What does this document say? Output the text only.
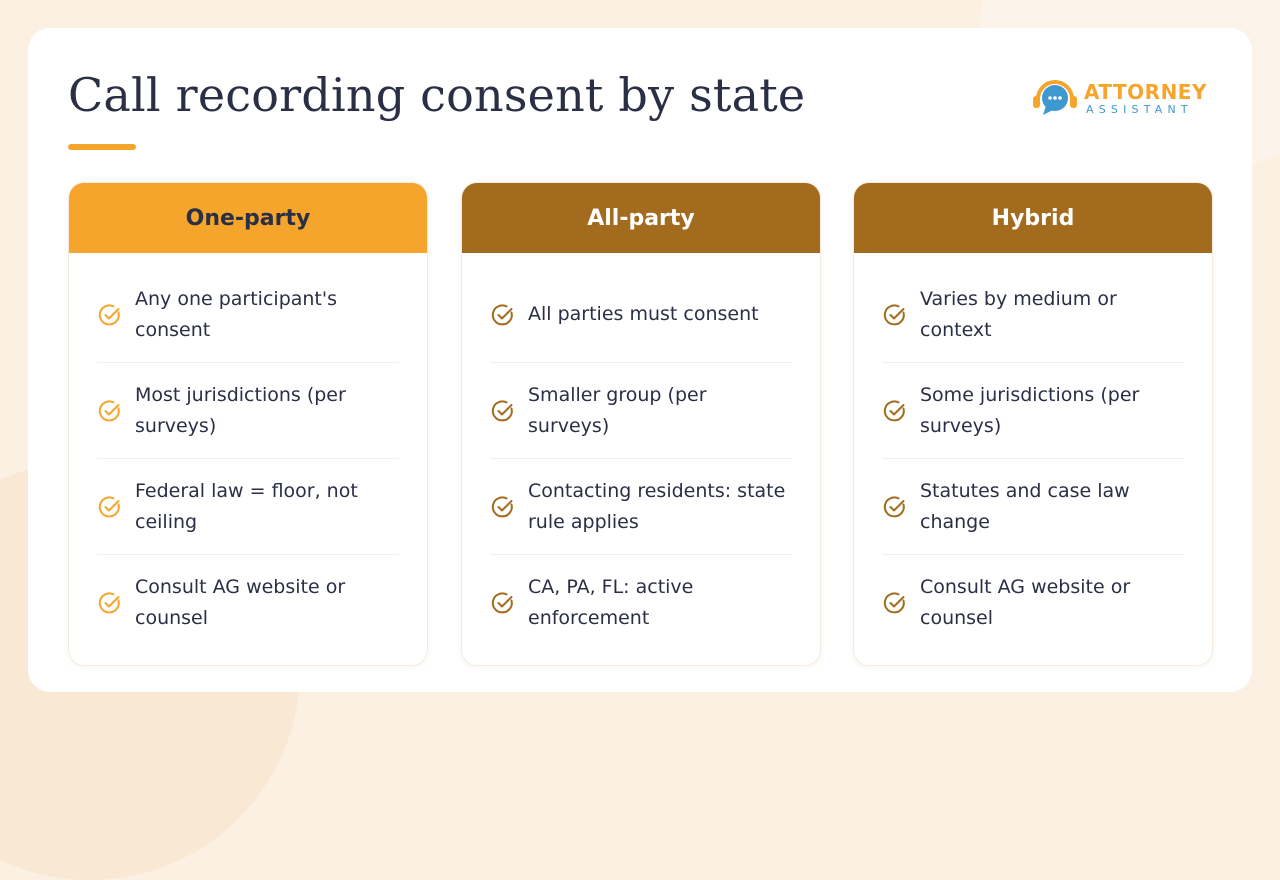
Call recording consent by state	ATTORNEY
ASSISTANT
One-party
Any one participant's consent
Most jurisdictions (per surveys)
Federal law = floor, not ceiling
Consult AG website or counsel
All-party
All parties must consent
Smaller group (per surveys)
Contacting residents: state rule applies
CA, PA, FL: active enforcement
Hybrid
Varies by medium or context
Some jurisdictions (per surveys)
Statutes and case law change
Consult AG website or counsel
